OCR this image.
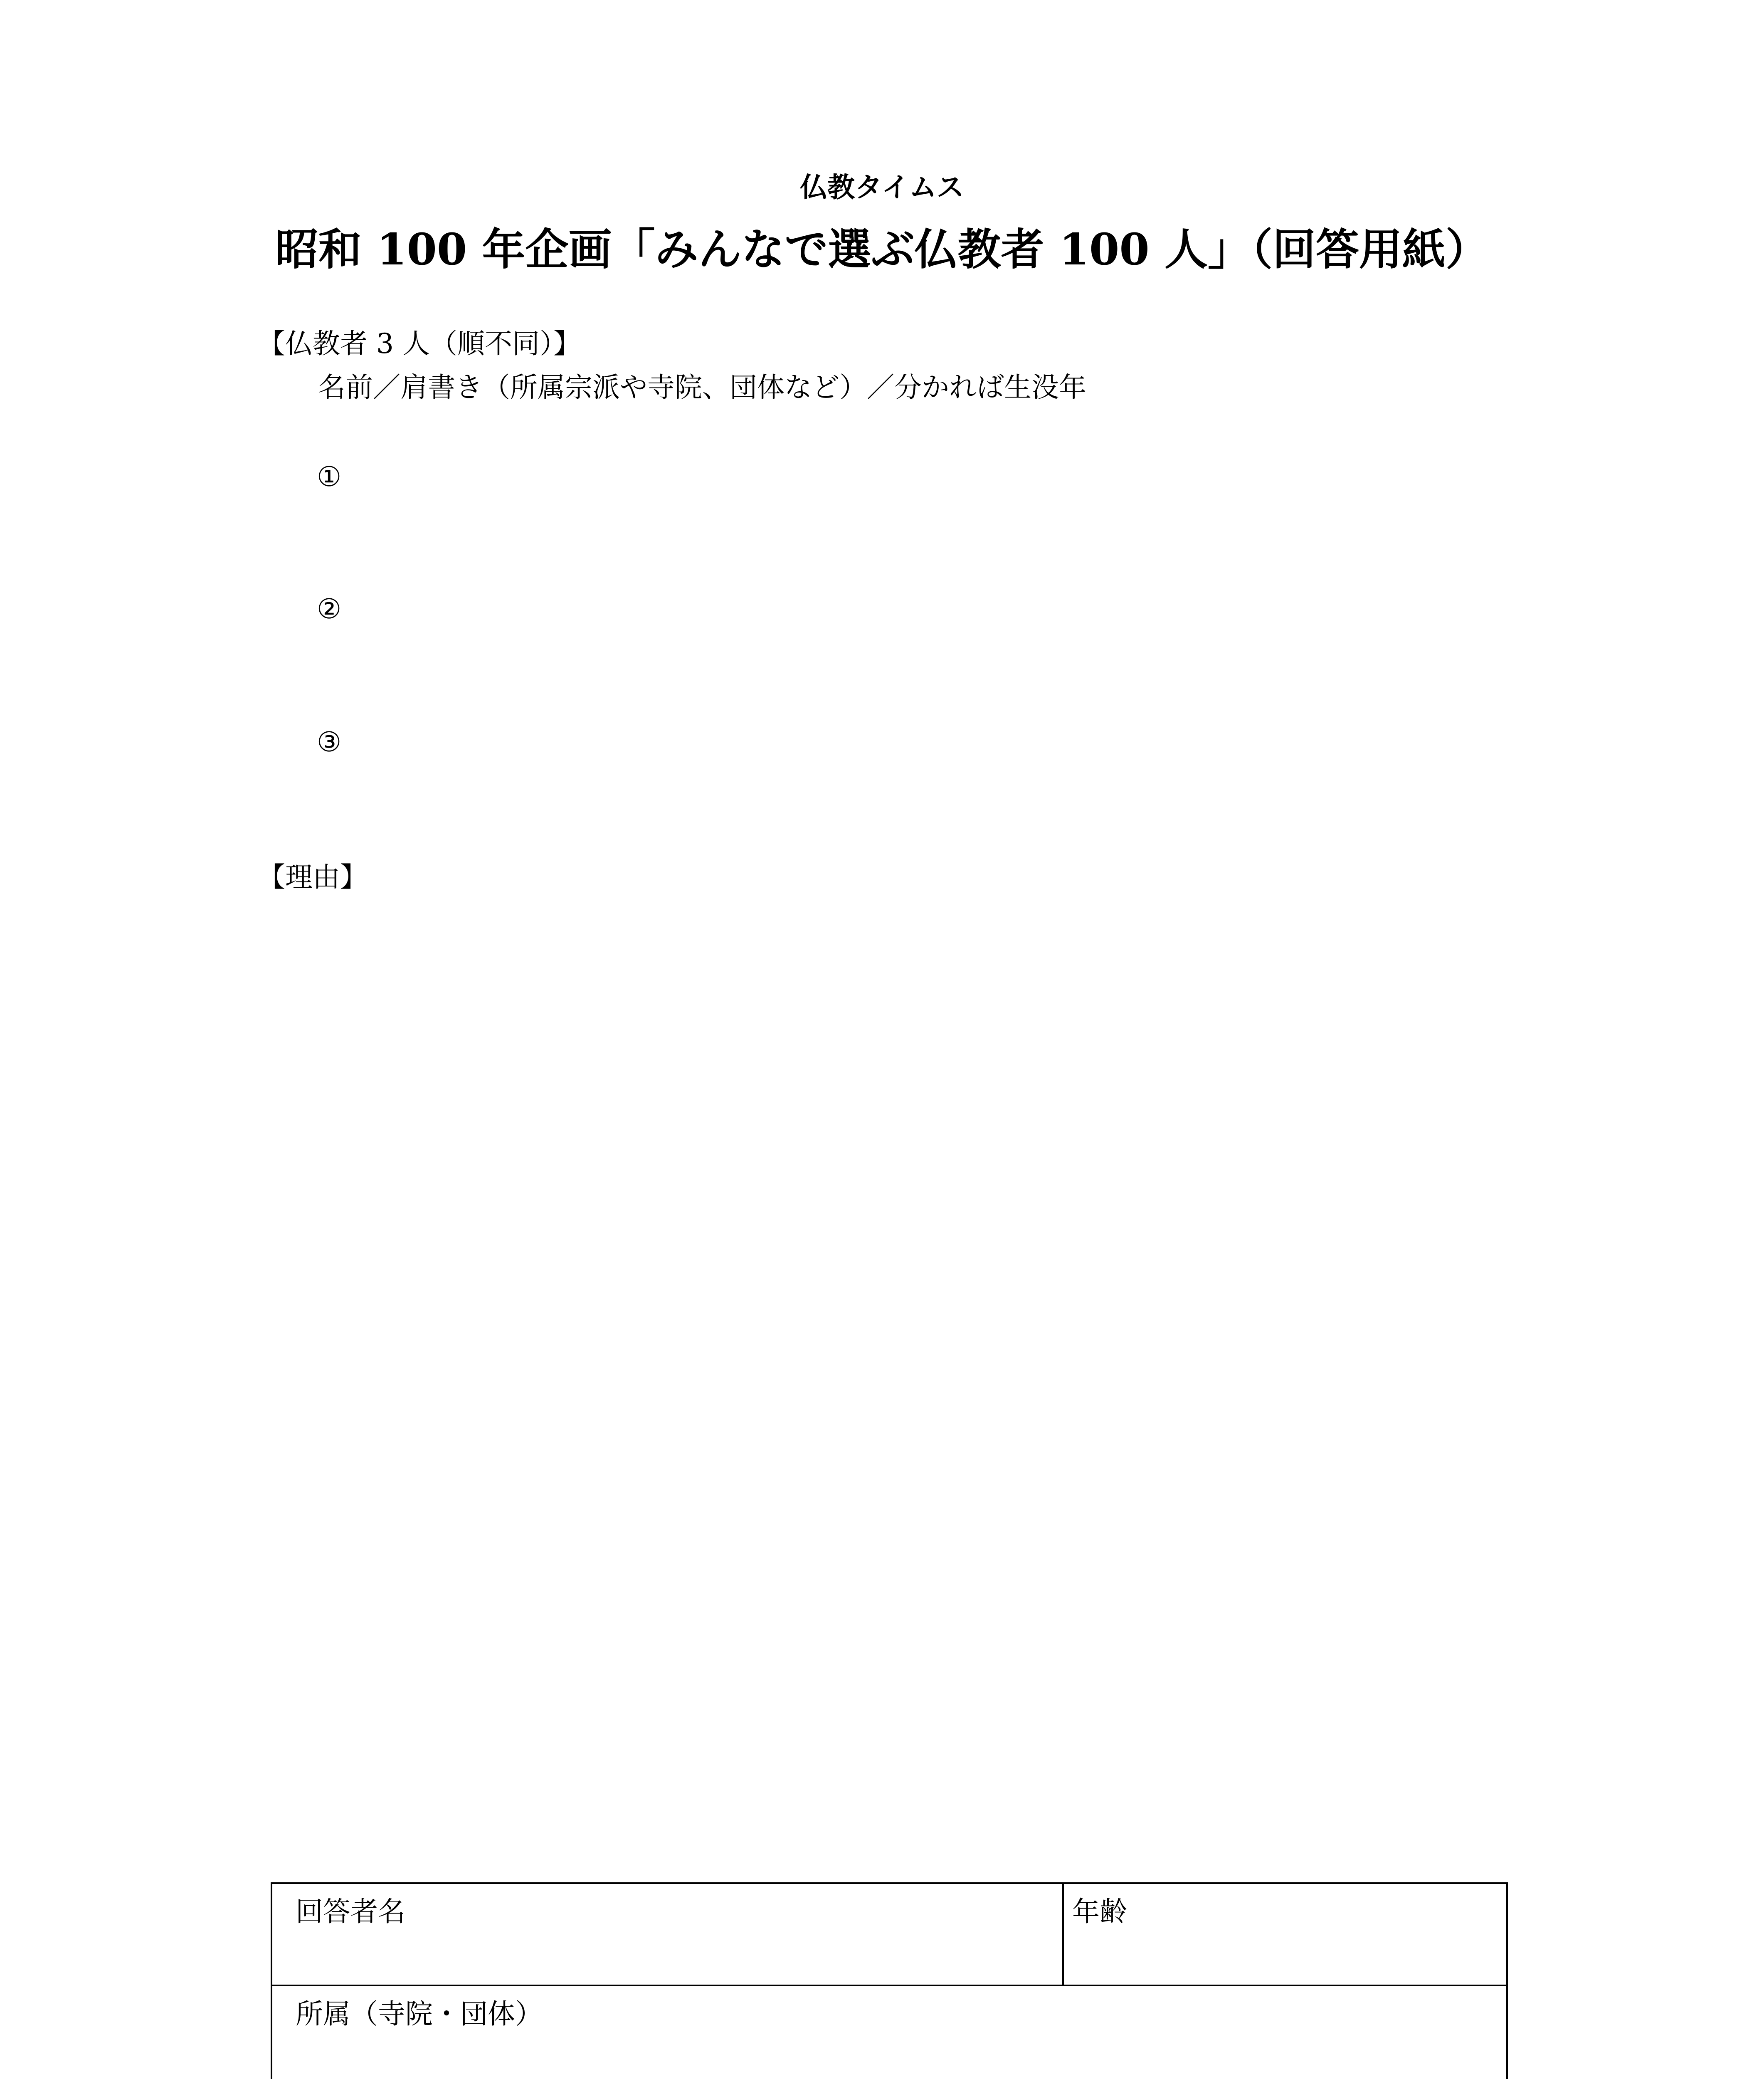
仏教タイムス
昭和 100 年企画「みんなで選ぶ仏教者 100 人」（回答用紙）
【仏教者 3 人（順不同）】
名前／肩書き（所属宗派や寺院、団体など）／分かれば生没年
①
②
③
【理由】
回答者名	年齢
所属（寺院・団体）
